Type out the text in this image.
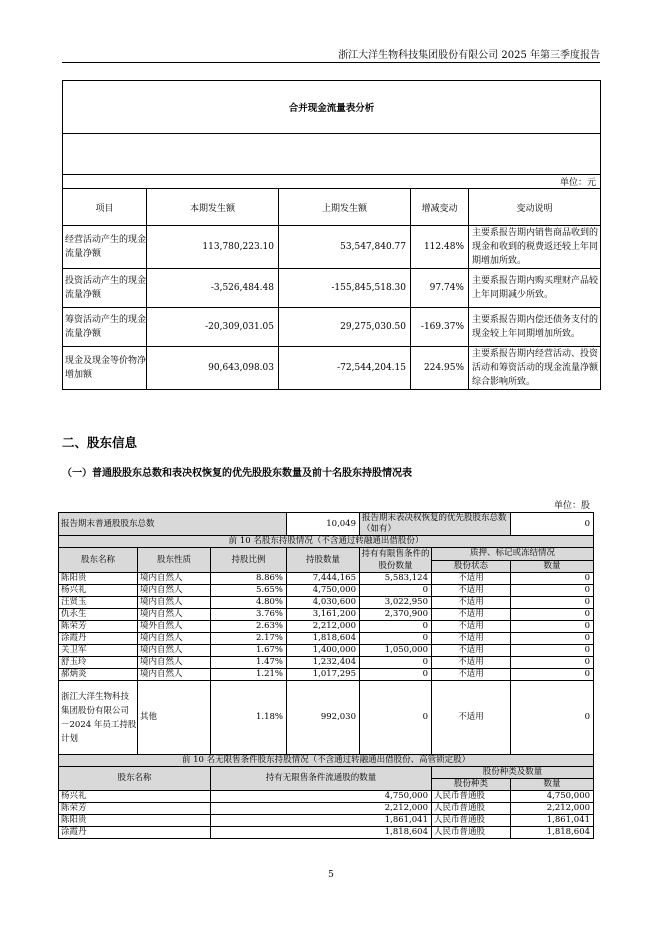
浙江大洋生物科技集团股份有限公司 2025 年第三季度报告
合并现金流量表分析				

单位：元				
项目	本期发生额	上期发生额	增减变动	变动说明
经营活动产生的现金流量净额	113,780,223.10	53,547,840.77	112.48%	主要系报告期内销售商品收到的现金和收到的税费返还较上年同期增加所致。
投资活动产生的现金流量净额	-3,526,484.48	-155,845,518.30	97.74%	主要系报告期内购买理财产品较上年同期减少所致。
筹资活动产生的现金流量净额	-20,309,031.05	29,275,030.50	-169.37%	主要系报告期内偿还债务支付的现金较上年同期增加所致。
现金及现金等价物净增加额	90,643,098.03	-72,544,204.15	224.95%	主要系报告期内经营活动、投资活动和筹资活动的现金流量净额综合影响所致。
二、股东信息
（一）普通股股东总数和表决权恢复的优先股股东数量及前十名股东持股情况表
单位：股
报告期末普通股股东总数			10,049	报告期末表决权恢复的优先股股东总数（如有）		0
前 10 名股东持股情况（不含通过转融通出借股份）						
股东名称	股东性质	持股比例	持股数量	持有有限售条件的股份数量	质押、标记或冻结情况	
					股份状态	数量
陈阳贵	境内自然人	8.86%	7,444,165	5,583,124	不适用	0
杨兴礼	境内自然人	5.65%	4,750,000	0	不适用	0
汪贤玉	境内自然人	4.80%	4,030,600	3,022,950	不适用	0
仇永生	境内自然人	3.76%	3,161,200	2,370,900	不适用	0
陈荣芳	境外自然人	2.63%	2,212,000	0	不适用	0
涂霞丹	境内自然人	2.17%	1,818,604	0	不适用	0
关卫军	境内自然人	1.67%	1,400,000	1,050,000	不适用	0
舒玉玲	境内自然人	1.47%	1,232,404	0	不适用	0
郝炳炎	境内自然人	1.21%	1,017,295	0	不适用	0
浙江大洋生物科技集团股份有限公司－2024 年员工持股计划	其他	1.18%	992,030	0	不适用	0
前 10 名无限售条件股东持股情况（不含通过转融通出借股份、高管锁定股）						
股东名称		持有无限售条件流通股的数量			股份种类及数量	
					股份种类	数量
杨兴礼		4,750,000			人民币普通股	4,750,000
陈荣芳		2,212,000			人民币普通股	2,212,000
陈阳贵		1,861,041			人民币普通股	1,861,041
涂霞丹		1,818,604			人民币普通股	1,818,604
5
